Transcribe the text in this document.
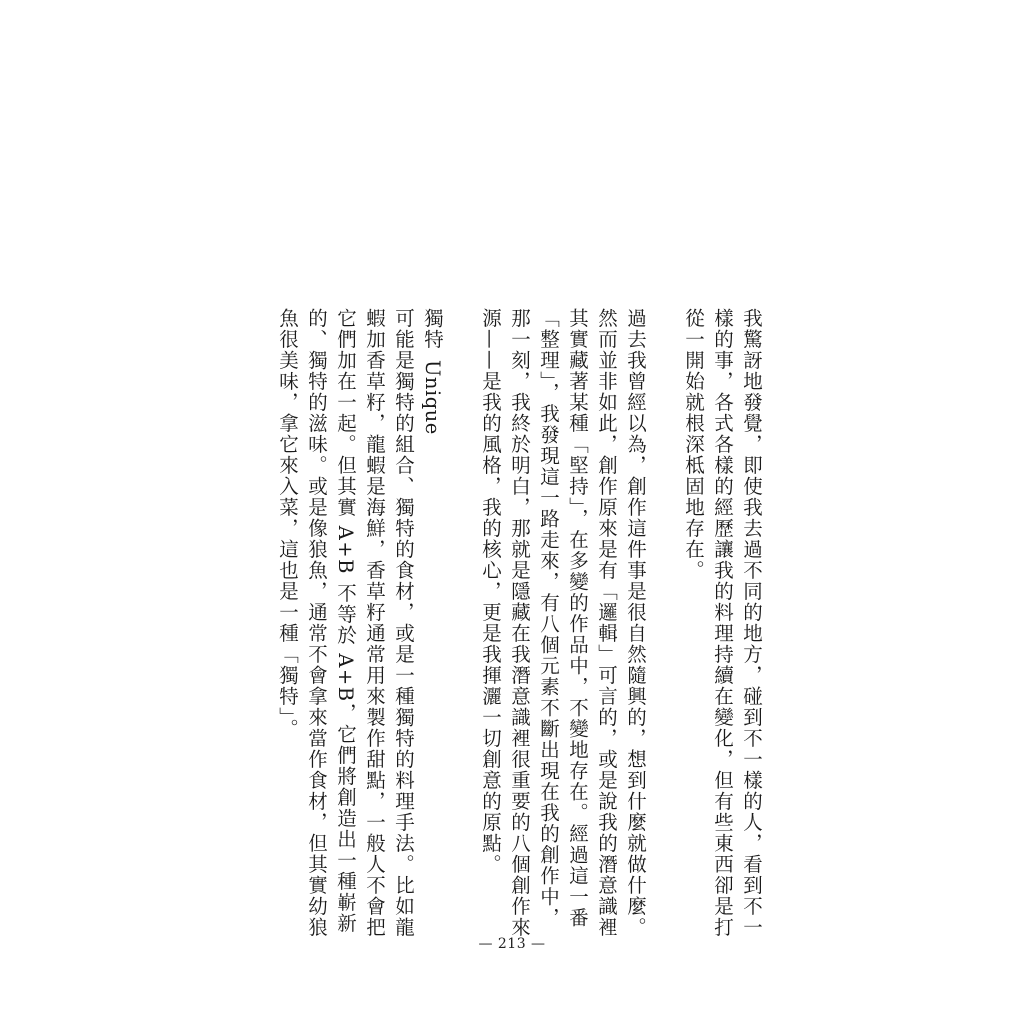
我驚訝地發覺，即使我去過不同的地方，碰到不一樣的人，看到不一
樣的事，各式各樣的經歷讓我的料理持續在變化，但有些東西卻是打
從一開始就根深柢固地存在。
過去我曾經以為，創作這件事是很自然隨興的，想到什麼就做什麼。
然而並非如此，創作原來是有「邏輯」可言的，或是說我的潛意識裡
其實藏著某種「堅持」，在多變的作品中，不變地存在。經過這一番
「整理」，我發現這一路走來，有八個元素不斷出現在我的創作中，
那一刻，我終於明白，那就是隱藏在我潛意識裡很重要的八個創作來
源——是我的風格，我的核心，更是我揮灑一切創意的原點。
獨特 Unique
可能是獨特的組合、獨特的食材，或是一種獨特的料理手法。比如龍
蝦加香草籽，龍蝦是海鮮，香草籽通常用來製作甜點，一般人不會把
它們加在一起。但其實 A+B 不等於 A+B，它們將創造出一種嶄新
的、獨特的滋味。或是像狼魚，通常不會拿來當作食材，但其實幼狼
魚很美味，拿它來入菜，這也是一種「獨特」。
— 213 —
